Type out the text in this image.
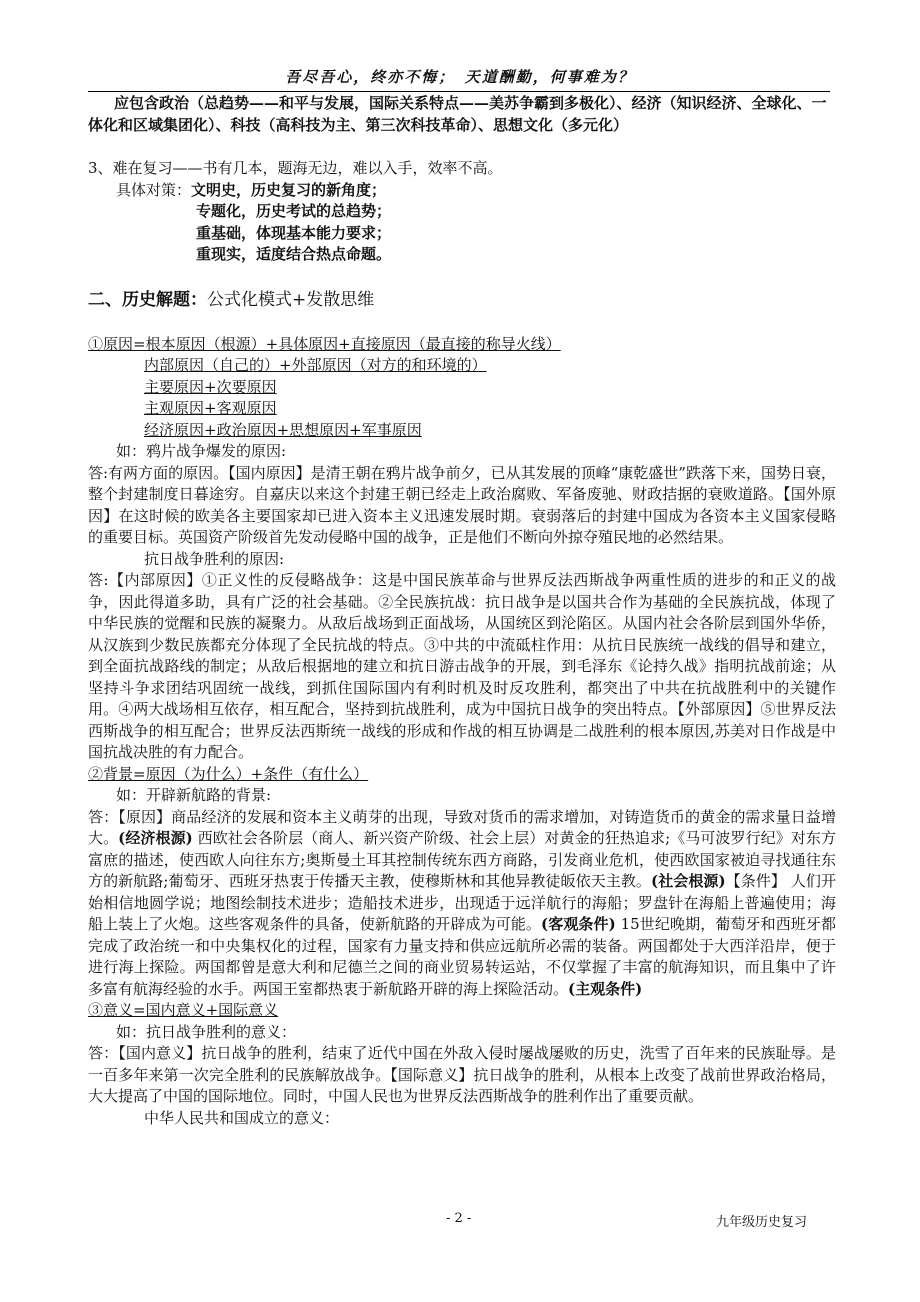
吾尽吾心，终亦不悔；　天道酬勤，何事难为？

应包含政治（总趋势——和平与发展，国际关系特点——美苏争霸到多极化）、经济（知识经济、全球化、一体化和区域集团化）、科技（高科技为主、第三次科技革命）、思想文化（多元化）

3、难在复习——书有几本，题海无边，难以入手，效率不高。

具体对策：文明史，历史复习的新角度；

专题化，历史考试的总趋势；

重基础，体现基本能力要求；

重现实，适度结合热点命题。

二、历史解题：公式化模式+发散思维

①原因=根本原因（根源）+具体原因+直接原因（最直接的称导火线）

内部原因（自己的）+外部原因（对方的和环境的）

主要原因+次要原因

主观原因+客观原因

经济原因+政治原因+思想原因+军事原因

如：鸦片战争爆发的原因:

答:有两方面的原因。【国内原因】是清王朝在鸦片战争前夕，已从其发展的顶峰“康乾盛世”跌落下来，国势日衰，整个封建制度日暮途穷。自嘉庆以来这个封建王朝已经走上政治腐败、军备废驰、财政拮据的衰败道路。【国外原因】在这时候的欧美各主要国家却已进入资本主义迅速发展时期。衰弱落后的封建中国成为各资本主义国家侵略的重要目标。英国资产阶级首先发动侵略中国的战争，正是他们不断向外掠夺殖民地的必然结果。

抗日战争胜利的原因:

答:【内部原因】①正义性的反侵略战争：这是中国民族革命与世界反法西斯战争两重性质的进步的和正义的战争，因此得道多助，具有广泛的社会基础。②全民族抗战：抗日战争是以国共合作为基础的全民族抗战，体现了中华民族的觉醒和民族的凝聚力。从敌后战场到正面战场，从国统区到沦陷区。从国内社会各阶层到国外华侨，从汉族到少数民族都充分体现了全民抗战的特点。③中共的中流砥柱作用：从抗日民族统一战线的倡导和建立，到全面抗战路线的制定；从敌后根据地的建立和抗日游击战争的开展，到毛泽东《论持久战》指明抗战前途；从坚持斗争求团结巩固统一战线，到抓住国际国内有利时机及时反攻胜利，都突出了中共在抗战胜利中的关键作用。④两大战场相互依存，相互配合，坚持到抗战胜利，成为中国抗日战争的突出特点。【外部原因】⑤世界反法西斯战争的相互配合；世界反法西斯统一战线的形成和作战的相互协调是二战胜利的根本原因,苏美对日作战是中国抗战决胜的有力配合。

②背景=原因（为什么）+条件（有什么）

如：开辟新航路的背景:

答：【原因】商品经济的发展和资本主义萌芽的出现，导致对货币的需求增加，对铸造货币的黄金的需求量日益增大。(经济根源) 西欧社会各阶层（商人、新兴资产阶级、社会上层）对黄金的狂热追求;《马可波罗行纪》对东方富庶的描述，使西欧人向往东方;奥斯曼土耳其控制传统东西方商路，引发商业危机，使西欧国家被迫寻找通往东方的新航路;葡萄牙、西班牙热衷于传播天主教，使穆斯林和其他异教徒皈依天主教。(社会根源)【条件】 人们开始相信地圆学说；地图绘制技术进步；造船技术进步，出现适于远洋航行的海船；罗盘针在海船上普遍使用；海船上装上了火炮。这些客观条件的具备，使新航路的开辟成为可能。(客观条件) 15世纪晚期，葡萄牙和西班牙都完成了政治统一和中央集权化的过程，国家有力量支持和供应远航所必需的装备。两国都处于大西洋沿岸，便于进行海上探险。两国都曾是意大利和尼德兰之间的商业贸易转运站，不仅掌握了丰富的航海知识，而且集中了许多富有航海经验的水手。两国王室都热衷于新航路开辟的海上探险活动。(主观条件)

③意义=国内意义+国际意义

如：抗日战争胜利的意义：

答：【国内意义】抗日战争的胜利，结束了近代中国在外敌入侵时屡战屡败的历史，洗雪了百年来的民族耻辱。是一百多年来第一次完全胜利的民族解放战争。【国际意义】抗日战争的胜利，从根本上改变了战前世界政治格局，大大提高了中国的国际地位。同时，中国人民也为世界反法西斯战争的胜利作出了重要贡献。

中华人民共和国成立的意义：

- 2 -	九年级历史复习
